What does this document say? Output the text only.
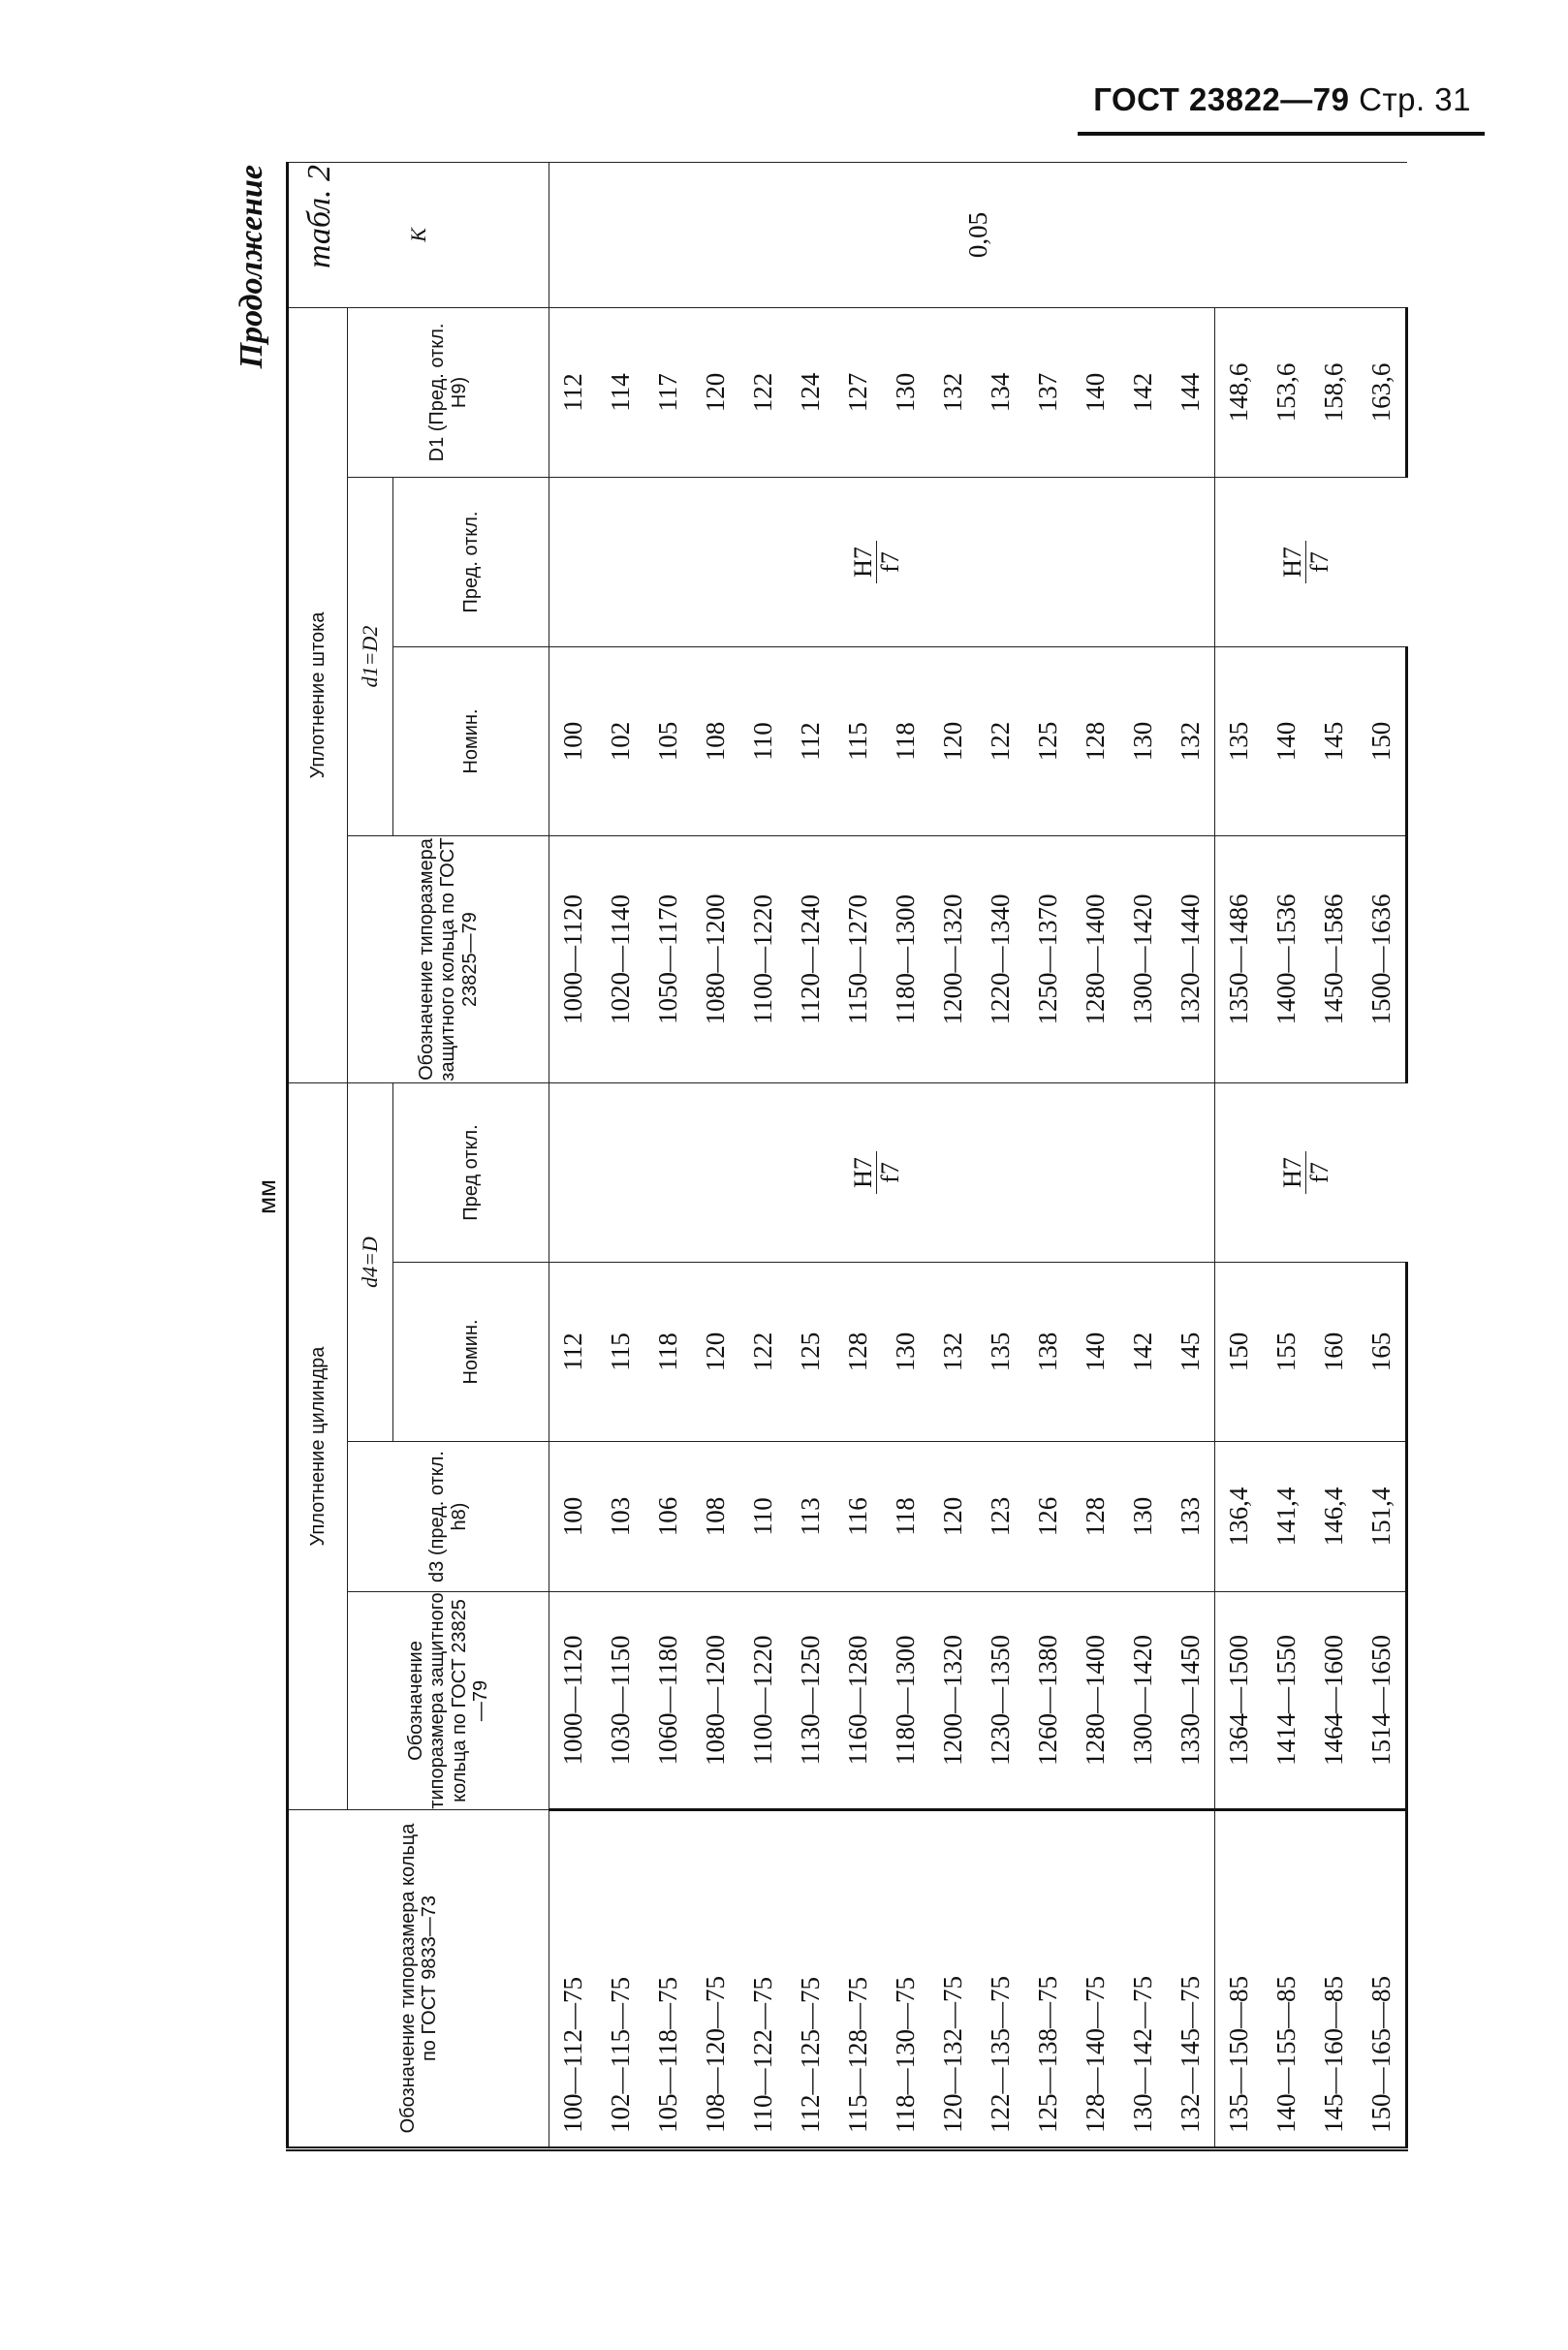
ГОСТ 23822—79 Стр. 31
Продолжение табл. 2
мм
Обозначение типоразмера кольца по ГОСТ 9833—73	Уплотнение цилиндра				Уплотнение штока				K
	Обозначение типоразмера защитного кольца по ГОСТ 23825—79	d3 (пред. откл. h8)	d4=D		Обозначение типоразмера защитного кольца по ГОСТ 23825—79	d1=D2		D1 (Пред. откл. H9)	
			Номин.	Пред откл.		Номин.	Пред. откл.		
100—112—75	1000—1120	100	112	H7 f7	1000—1120	100	H7 f7	112	0,05
102—115—75	1030—1150	103	115		1020—1140	102		114	
105—118—75	1060—1180	106	118		1050—1170	105		117	
108—120—75	1080—1200	108	120		1080—1200	108		120	
110—122—75	1100—1220	110	122		1100—1220	110		122	
112—125—75	1130—1250	113	125		1120—1240	112		124	
115—128—75	1160—1280	116	128		1150—1270	115		127	
118—130—75	1180—1300	118	130		1180—1300	118		130	
120—132—75	1200—1320	120	132		1200—1320	120		132	
122—135—75	1230—1350	123	135		1220—1340	122		134	
125—138—75	1260—1380	126	138		1250—1370	125		137	
128—140—75	1280—1400	128	140		1280—1400	128		140	
130—142—75	1300—1420	130	142		1300—1420	130		142	
132—145—75	1330—1450	133	145		1320—1440	132		144	
135—150—85	1364—1500	136,4	150	H7 f7	1350—1486	135	H7 f7	148,6	
140—155—85	1414—1550	141,4	155		1400—1536	140		153,6	
145—160—85	1464—1600	146,4	160		1450—1586	145		158,6	
150—165—85	1514—1650	151,4	165		1500—1636	150		163,6	
